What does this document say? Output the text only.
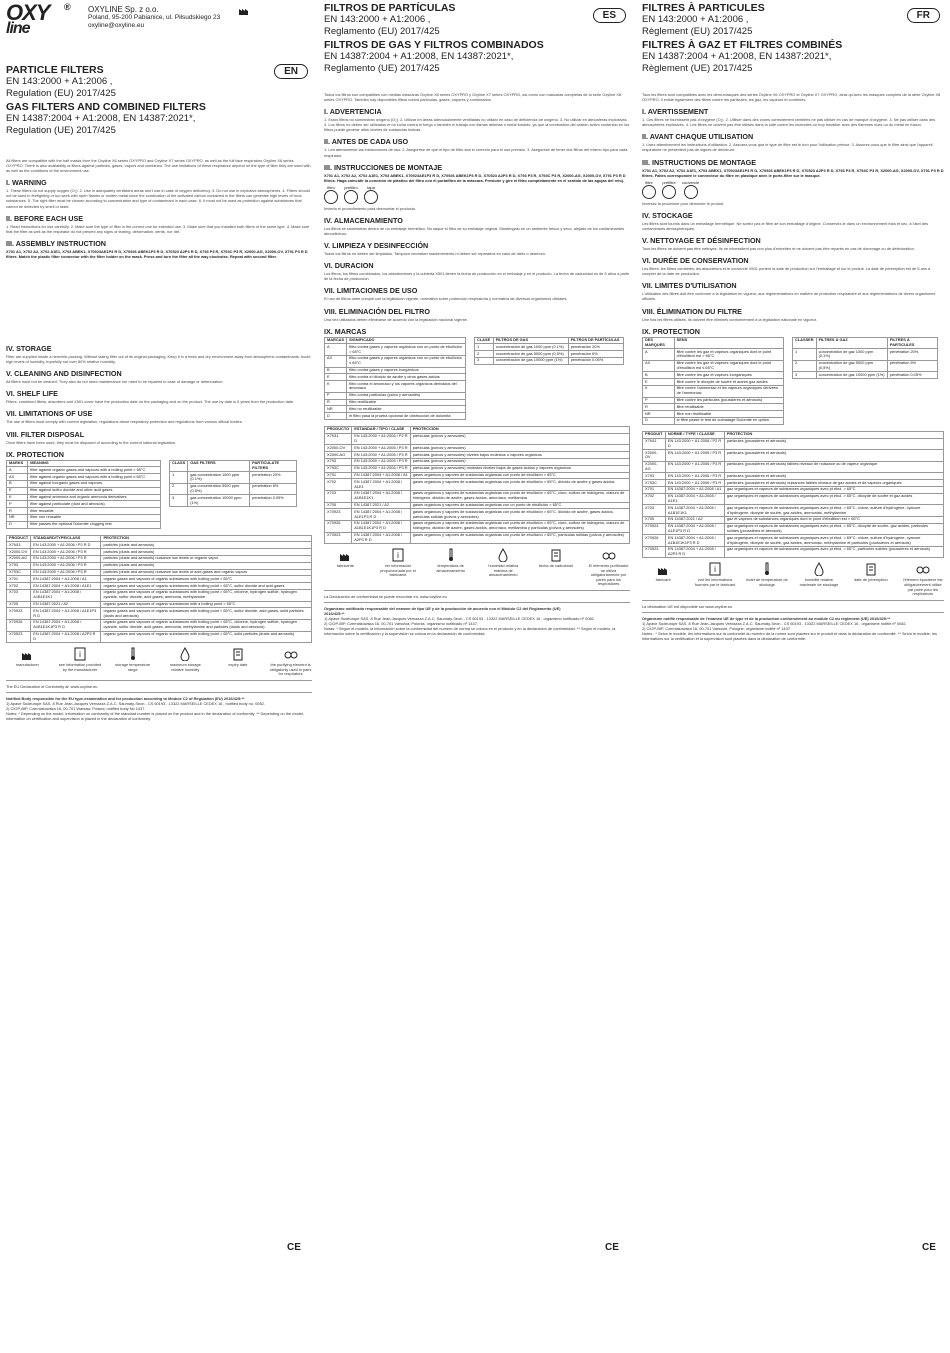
OXY
line
® OXYLINE Sp. z o.o.
Poland, 95-200 Pabianice, ul. Piłsudskiego 23
oxyline@oxyline.eu
EN
PARTICLE FILTERS
EN 143:2000 + A1:2006 ,
Regulation (EU) 2017/425
GAS FILTERS AND COMBINED FILTERS
EN 14387:2004 + A1:2008, EN 14387:2021*,
Regulation (UE) 2017/425
All filters are compatible with the half masks from the Oxyline X6 series OXYPRO and Oxyline X7 series OXYPRO, as well as the full face respirators Oxyline X8 series OXYPRO. There is also availability of filters against particles, gases, vapors and combined. The use limitations of these respirators depend on the type of filter they are used with as well as the conditions of the environment use.
I. WARNING
1. These filters do not supply oxygen (O₂). 2. Use in adequately ventilated areas don't use in case of oxygen deficiency. 3. Do not use in explosive atmospheres. 4. Filters should not be used in firefighting or too work with open flames or molten metal since the combustion of the activated carbon contained in the filters can generate high levels of toxic substances. 5. The right filter must be chosen according to concentration and type of contaminant in each case. 6. It must not be used as protection against substances that cannot be detected by smell or taste.
II. BEFORE EACH USE
1. Read instructions for use carefully. 2. Make sure the type of filter is the correct one for intended use. 3. Make sure that you installed both filters of the same type. 4. Make sure that the filter as well as the respirator do not present any signs of tearing, deformation, dents, nor dirt.
III. ASSEMBLY INSTRUCTION
X701 A1, X702 A2, X702 A1E1, X703 ABEK1, X70923AE1P3 R D, X70926 ABEK1P3 R D, X70523 A2P3 R D, X793 P3 R, X793C P3 R, X2000-AG, X2000-OV, X791 P3 R D filters. Match the plastic filter connector with the filter holder on the mask. Press and turn the filter all the way clockwise. Repeat with second filter.
IV. STORAGE
Filter are supplied inside a hermetic packing. Without taking filter out of its original packaging. Keep it in a fresh and dry environment away from atmospheric contaminants. Avoid high levels of humidity, hopefully not over 80% relative humidity.
V. CLEANING AND DISINFECTION
All filters must not be cleaned. They also do not need maintenance nor need to be repaired in case of damage or deterioration.
VI. SHELF LIFE
Filters, combined filters, absorbers and X501 cover have the production date on the packaging and on the product. The use-by date is 5 years from the production date.
VII. LIMITATIONS OF USE
The use of filters must comply with current legislation, regulations about respiratory protection and regulations from various official bodies.
VIII. FILTER DISPOSAL
Once filters have been used, they must be disposed of according to the current national legislation.
IX. PROTECTION
MARKS	MEANING
A	filter against organic gases and vapours with a boiling point > 65°C
AX	filter against organic gases and vapours with a boiling point ≤ 65°C
B	filter against inorganic gases and vapours
E	filter against sulfur dioxide and other acid gases
K	filter against ammonia and organic ammonia derivatives
P	filter against particulate (dust and aerosols)
R	filter reusable
NR	filter non reusable
D	filter passes the optional Dolomite clogging test
CLASS	GAS FILTERS	PARTICULATE FILTERS
1	gas concentration 1000 ppm (0.1%)	penetration 20%
2	gas concentration 5000 ppm (0.5%)	penetration 6%
3	gas concentration 10000 ppm (1%)	penetration 0.05%
PRODUCT	STANDARD/TYPE/CLASS	PROTECTION
X7N11	EN 143:2000 + A1:2006 / P2 R D	particles (dusts and aerosols)
X2000-OV	EN 143:2000 + A1:2006 / P3 R	particles (dusts and aerosols)
X2000-AG	EN 143:2000 + A1:2006 / P3 R	particles (dusts and aerosols) nuisance low levels or organic vapor
X793	EN 143:2000 + A1:2006 / P3 R	particles (dusts and aerosols)
X793C	EN 143:2000 + A1:2006 / P3 R	particles (dusts and aerosols) nuisance low levels of acid gases and organic vapors
X701	EN 14387:2004 + A1:2008 / A1	organic gases and vapours of organic substances with boiling point > 65°C
X702	EN 14387:2004 + A1:2008 / A1E1	organic gases and vapours of organic substances with boiling point > 65°C, sulfur dioxide and acid gases
X703	EN 14387:2004 + A1:2008 / A1B1E1K1	organic gases and vapours of organic substances with boiling point > 65°C, chlorine, hydrogen sulfide, hydrogen cyanide, sulfur dioxide, acid gases, ammonia, methylamine
X705	EN 14387:2021 / A2	organic gases and vapours of organic substances with a boiling point > 65°C
X70923	EN 14387:2004 + A1:2008 / A1E1P3 R D	organic gases and vapours of organic substances with boiling point > 65°C, sulfur dioxide, acid gases, solid particles (dusts and aerosols)
X70926	EN 14387:2004 + A1:2008 / A1B1E1K1P3 R D	organic gases and vapours of organic substances with boiling point > 65°C, chlorine, hydrogen sulfide, hydrogen cyanide, sulfur dioxide, acid gases, ammonia, methylamine and particles (dusts and aerosols)
X70523	EN 14387:2004 + A1:2008 / A2P3 R D	organic gases and vapours of organic substances with boiling point > 65°C, solid particles (dusts and aerosols)
manufacturer
i
see information provided by the manufacturer
storage temperature range
maximum storage relative humidity
expiry date	the purifying element is obligatorily used in pairs for respirators
The EU Declaration of Conformity at: www.oxyline.eu
Notified Body responsible for the EU type-examination and for production according to Module C2 of Regulation (EU) 2016/425:**
1) Apave Sudeurope SAS, 8 Rue Jean-Jacques Vernazza Z.A.C. Saumaty-Seon - CS 60193 - 13322 MARSEILLE CEDEX 16 , notified body no. 0082.
2) CIOP-BIP, Czerniakowska 16, 00-701 Warsaw, Poland, notified body No 1437.
Notes: * Depending on the model, information on conformity of the standard number is placed on the product and in the declaration of conformity. ** Depending on the model, information on certification and supervision is placed in the declaration of conformity.
ES
FILTROS DE PARTÍCULAS
EN 143:2000 + A1:2006 ,
Reglamento (EU) 2017/425
FILTROS DE GAS Y FILTROS COMBINADOS
EN 14387:2004 + A1:2008, EN 14387:2021*,
Reglamento (UE) 2017/425
Todos los filtros son compatibles con medias máscaras Oxyline X6 series OXYPRO y Oxyline X7 series OXYPRO, así como con máscaras completas de la serie Oxyline X8 series OXYPRO. También hay disponibles filtros contra partículas, gases, vapores y combinados.
I. ADVERTENCIA
1. Estos filtros no suministran oxígeno (O₂). 2. Utilizar en áreas adecuadamente ventiladas no utilizar en caso de deficiencia de oxígeno. 3. No utilizar en atmósferas explosivas. 4. Los filtros no deben ser utilizados en la lucha contra el fuego o también el trabajo con llamas abiertas o metal fundido, ya que la combustión del carbón activo contenido en los filtros puede generar altos niveles de sustancias tóxicas.
II. ANTES DE CADA USO
1. Lea atentamente las instrucciones de uso. 2. Asegúrese de que el tipo de filtro sea el correcto para el uso previsto. 3. Asegúrese de tener dos filtros del mismo tipo para cada respirador.
III. INSTRUCCIONES DE MONTAJE
X701 A1, X702 A2, X702 A1E1, X703 ABEK1, X70923AE1P3 R D, X70926 ABEK1P3 R D, X70523 A2P3 R D, X793 P3 R, X793C P3 R, X2000-AG, X2000-OV, X791 P3 R D filtros. Haga coincidir la conexión de plástico del filtro con el portafiltro de la máscara. Presione y gire el filtro completamente en el sentido de las agujas del reloj.
filtro prefiltro tapa
Invierta el procedimiento para desmontar el producto.
IV. ALMACENAMIENTO
Los filtros se suministran dentro de un embalaje hermético. No saque el filtro de su embalaje original. Manténgalo en un ambiente fresco y seco, alejado de los contaminantes atmosféricos.
V. LIMPIEZA Y DESINFECCIÓN
Todos los filtros no deben ser limpiados. Tampoco necesitan mantenimiento ni deben ser reparados en caso de daño o deterioro.
VI. DURACION
Los filtros, los filtros combinados, los absorbedores y la cubierta X501 tienen la fecha de producción en el embalaje y en el producto. La fecha de caducidad es de 5 años a partir de la fecha de producción.
VII. LIMITACIONES DE USO
El uso de filtros debe cumplir con la legislación vigente, normativa sobre protección respiratoria y normativa de diversos organismos oficiales.
VIII. ELIMINACIÓN DEL FILTRO
Una vez utilizados deben eliminarse de acuerdo con la legislación nacional vigente.
IX. MARCAS
MARCAS	SIGNIFICADO
A	filtro contra gases y vapores orgánicos con un punto de ebullición > 65°C
AX	filtro contra gases y vapores orgánicos con un punto de ebullición ≤ 65°C
B	filtro contra gases y vapores inorgánicos
E	filtro contra el dióxido de azufre y otros gases ácidos
K	filtro contra el amoníaco y los vapores orgánicos derivados del amoníaco
P	filtro contra partículas (polvo y aerosoles)
R	filtro reutilizable
NR	filtro no reutilizable
D	el filtro pasa la prueba opcional de obstrucción de dolomita
CLASE	FILTROS DE GAS	FILTROS DE PARTÍCULAS
1	concentración de gas 1000 ppm (0.1%)	penetración 20%
2	concentración de gas 5000 ppm (0.5%)	penetración 6%
3	concentración de gas 10000 ppm (1%)	penetración 0.05%
PRODUCTO	ESTANDAR / TIPO / CLASE	PROTECCION
X7N11	EN 143:2000 + A1:2006 / P2 R D	partículas (polvos y aerosoles)
X2000-OV	EN 143:2000 + A1:2006 / P3 R	partículas (polvos y aerosoles)
X2000-AG	EN 143:2000 + A1:2006 / P3 R	partículas (polvos y aerosoles) niveles bajos molestos o vapores orgánicos
X793	EN 143:2000 + A1:2006 / P3 R	partículas (polvos y aerosoles)
X793C	EN 143:2000 + A1:2006 / P3 R	partículas (polvos y aerosoles) molestos niveles bajos de gases ácidos y vapores orgánicos
X701	EN 14387:2004 + A1:2008 / A1	gases orgánicos y vapores de sustancias orgánicas con punto de ebullición > 65°C
X702	EN 14387:2004 + A1:2008 / A1E1	gases orgánicos y vapores de sustancias orgánicas con punto de ebullición > 65°C, dióxido de azufre y gases ácidos
X703	EN 14387:2004 + A1:2008 / A1B1E1K1	gases orgánicos y vapores de sustancias orgánicas con punto de ebullición > 65°C, cloro, sulfuro de hidrógeno, cianuro de hidrógeno, dióxido de azufre, gases ácidos, amoníaco, metilamina
X705	EN 14387:2021 / A2	gases orgánicos y vapores de sustancias orgánicas con un punto de ebullición > 65°C
X70923	EN 14387:2004 + A1:2008 / A1E1P3 R D	gases orgánicos y vapores de sustancias orgánicas con punto de ebullición > 65°C, dióxido de azufre, gases ácidos, partículas sólidas (polvos y aerosoles)
X70926	EN 14387:2004 + A1:2008 / A1B1E1K1P3 R D	gases orgánicos y vapores de sustancias orgánicas con punto de ebullición > 65°C, cloro, sulfuro de hidrógeno, cianuro de hidrógeno, dióxido de azufre, gases ácidos, amoníaco, metilamina y partículas (polvos y aerosoles)
X70523	EN 14387:2004 + A1:2008 / A2P3 R D	gases orgánicos y vapores de sustancias orgánicas con punto de ebullición > 65°C, partículas sólidas (polvos y aerosoles)
fabricante
i
ver información proporcionada por el fabricante
temperatura de almacenamiento
humedad relativa máxima de almacenamiento
fecha de caducidad	El elemento purificador se utiliza obligatoriamente por pares para los respiradores
La Declaración de conformidad se puede encontrar en: www.oxyline.eu
Organismo notificado responsable del examen de tipo UE y de la producción de acuerdo con el Módulo C2 del Reglamento (UE) 2016/425:**
1) Apave Sudeurope SAS, 8 Rue Jean-Jacques Vernazza Z.A.C. Saumaty-Seon - CS 60193 - 13322 MARSEILLE CEDEX 16 , organismo notificado nº 0082.
2) CIOP-BIP, Czerniakowska 16, 00-701 Varsovia, Polonia, organismo notificado nº 1437.
Notas: * Según el modelo, la información sobre la conformidad del número de norma se coloca en el producto y en la declaración de conformidad. ** Según el modelo, la información sobre la certificación y la supervisión se coloca en la declaración de conformidad.
FR
FILTRES À PARTICULES
EN 143:2000 + A1:2006 ,
Règlement (EU) 2017/425
FILTRES À GAZ ET FILTRES COMBINÉS
EN 14387:2004 + A1:2008, EN 14387:2021*,
Règlement (UE) 2017/425
Tous les filtres sont compatibles avec les demi-masques des séries Oxyline X6 OXYPRO et Oxyline X7 OXYPRO, ainsi qu'avec les masques complets de la série Oxyline X8 OXYPRO. Il existe également des filtres contre les particules, les gaz, les vapeurs et combinés.
I. AVERTISSEMENT
1. Ces filtres ne fournissent pas d'oxygène (O₂). 2. Utiliser dans des zones correctement ventilées ne pas utiliser en cas de manque d'oxygène. 3. Ne pas utiliser dans des atmosphères explosives. 4. Les filtres ne doivent pas être utilisés dans la lutte contre les incendies ou trop travailler avec des flammes nues ou du métal en fusion.
II. AVANT CHAQUE UTILISATION
1. Lisez attentivement les instructions d'utilisation. 2. Assurez-vous que le type de filtre est le bon pour l'utilisation prévue. 3. Assurez-vous que le filtre ainsi que l'appareil respiratoire ne présentent pas de signes de déchirure.
III. INSTRUCTIONS DE MONTAGE
X701 A1, X702 A2, X702 A1E1, X703 ABEK1, X70923AE1P3 R D, X70926 ABEK1P3 R D, X70523 A2P3 R D, X793 P3 R, X793C P3 R, X2000-AG, X2000-OV, X791 P3 R D filtres. Faites correspondre le connecteur du filtre en plastique avec le porte-filtre sur le masque.
filtre préfiltre couvercle
Inversez la procédure pour démonter le produit.
IV. STOCKAGE
Les filtres sont fournis dans un emballage hermétique. Ne sortez pas le filtre de son emballage d'origine. Conservez-le dans un environnement frais et sec, à l'abri des contaminants atmosphériques.
V. NETTOYAGE ET DÉSINFECTION
Tous les filtres ne doivent pas être nettoyés. Ils ne nécessitent pas non plus d'entretien et ne doivent pas être réparés en cas de dommage ou de détérioration.
VI. DURÉE DE CONSERVATION
Les filtres, les filtres combinés, les absorbeurs et le couvercle X501 portent la date de production sur l'emballage et sur le produit. La date de péremption est de 5 ans à compter de la date de production.
VII. LIMITES D'UTILISATION
L'utilisation des filtres doit être conforme à la législation en vigueur, aux réglementations en matière de protection respiratoire et aux réglementations de divers organismes officiels.
VIII. ÉLIMINATION DU FILTRE
Une fois les filtres utilisés, ils doivent être éliminés conformément à la législation nationale en vigueur.
IX. PROTECTION
DES MARQUES	SENS
A	filtre contre les gaz et vapeurs organiques dont le point d'ébullition est > 65°C
AX	filtre contre les gaz et vapeurs organiques dont le point d'ébullition est ≤ 65°C
B	filtre contre les gaz et vapeurs inorganiques
E	filtre contre le dioxyde de soufre et autres gaz acides
K	filtre contre l'ammoniac et les vapeurs organiques dérivées de l'ammoniac
P	filtre contre les particules (poussières et aérosols)
R	filtre réutilisable
NR	filtre non réutilisable
D	le filtre passe le test de colmatage Dolomite en option
CLASSER	FILTRES À GAZ	FILTRES À PARTICULES
1	concentration de gaz 1000 ppm (0,1%)	pénétration 20%
2	concentration de gaz 5000 ppm (0,5%)	pénétration 6%
3	concentration de gaz 10000 ppm (1%)	pénétration 0,05%
PRODUIT	NORME / TYPE / CLASSE	PROTECTION
X7N11	EN 143:2000 + A1:2006 / P2 R D	particules (poussières et aérosols)
X2000-OV	EN 143:2000 + A1:2006 / P3 R	particules (poussières et aérosols)
X2000-AG	EN 143:2000 + A1:2006 / P3 R	particules (poussières et aérosols) faibles niveaux de nuisance ou de vapeur organique
X793	EN 143:2000 + A1:2006 / P3 R	particules (poussières et aérosols)
X793C	EN 143:2000 + A1:2006 / P3 R	particules (poussières et aérosols) nuisances faibles niveaux de gaz acides et de vapeurs organiques
X701	EN 14387:2004 + A1:2008 / A1	gaz organiques et vapeurs de substances organiques avec pt ébul. > 65°C
X702	EN 14387:2004 + A1:2008 / A1E1	gaz organiques et vapeurs de substances organiques avec pt ébul. > 65°C, dioxyde de soufre et gaz acides
X703	EN 14387:2004 + A1:2008 / A1B1E1K1	gaz organiques et vapeurs de substances organiques avec pt ébul. > 65°C, chlore, sulfure d'hydrogène, cyanure d'hydrogène, dioxyde de soufre, gaz acides, ammoniac, méthylamine
X705	EN 14387:2021 / A2	gaz et vapeurs de substances organiques dont le point d'ébullition est > 65°C
X70923	EN 14387:2004 + A1:2008 / A1E1P3 R D	gaz organiques et vapeurs de substances organiques avec pt ébul. > 65°C, dioxyde de soufre, gaz acides, particules solides (poussières et aérosols)
X70926	EN 14387:2004 + A1:2008 / A1B1E1K1P3 R D	gaz organiques et vapeurs de substances organiques avec pt ébul. > 65°C, chlore, sulfure d'hydrogène, cyanure d'hydrogène, dioxyde de soufre, gaz acides, ammoniac, méthylamine et particules (poussières et aérosols)
X70523	EN 14387:2004 + A1:2008 / A2P3 R D	gaz organiques et vapeurs de substances organiques avec pt ébul. > 65°C, particules solides (poussières et aérosols)
fabricant
i
voir les informations fournies par le fabricant
écart de température de stockage
humidité relative maximale de stockage
date de péremption	l'élément épurateur est obligatoirement utilisé par paire pour les respirateurs
La déclaration UE est disponible sur www.oxyline.eu
Organisme notifié responsable de l'examen UE de type et de la production conformément au module C2 du règlement (UE) 2016/425:**
1) Apave Sudeurope SAS, 8 Rue Jean-Jacques Vernazza Z.A.C. Saumaty-Seon - CS 60193 - 13322 MARSEILLE CEDEX 16 , organisme notifié nº 0082.
2) CIOP-BIP, Czerniakowska 16, 00-701 Varsovie, Pologne, organisme notifié nº 1437.
Notes : * Selon le modèle, les informations sur la conformité du numéro de la norme sont placées sur le produit et dans la déclaration de conformité. ** Selon le modèle, les informations sur la certification et la supervision sont placées dans la déclaration de conformité.
CE	CE	CE
